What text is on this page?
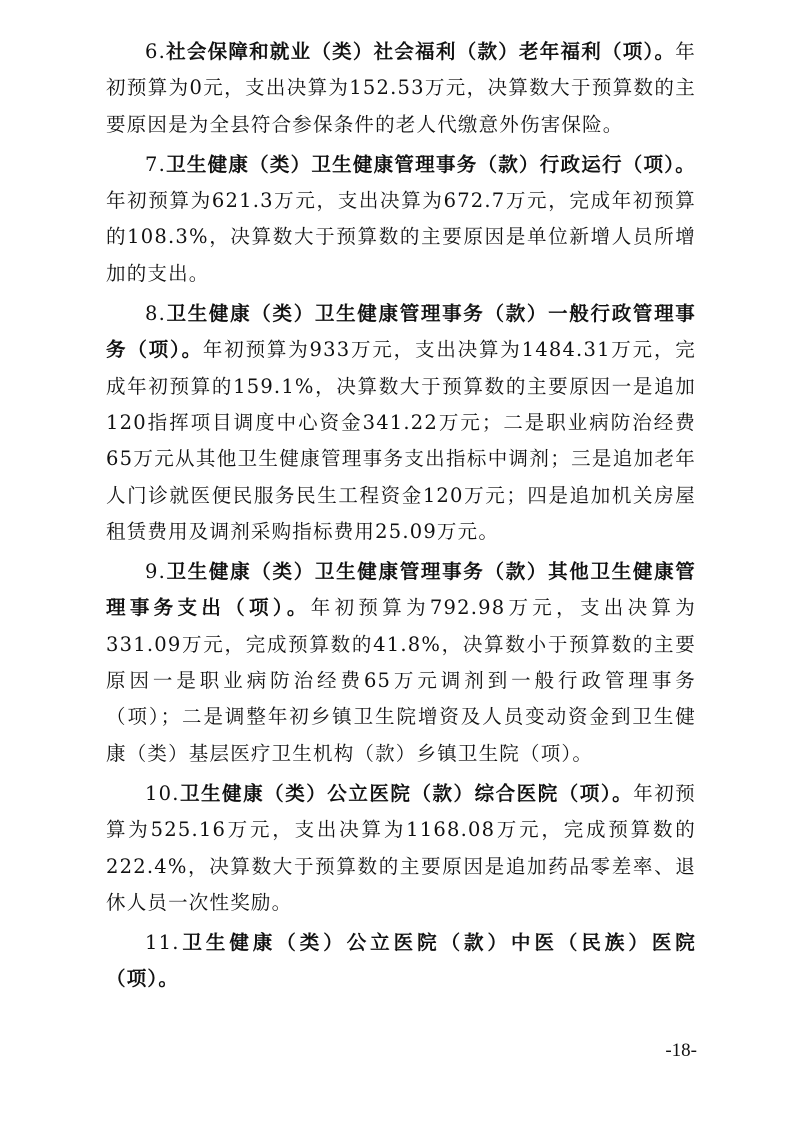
6.社会保障和就业（类）社会福利（款）老年福利（项）。年初预算为0元，支出决算为152.53万元，决算数大于预算数的主要原因是为全县符合参保条件的老人代缴意外伤害保险。

7.卫生健康（类）卫生健康管理事务（款）行政运行（项）。年初预算为621.3万元，支出决算为672.7万元，完成年初预算的108.3%，决算数大于预算数的主要原因是单位新增人员所增加的支出。

8.卫生健康（类）卫生健康管理事务（款）一般行政管理事务（项）。年初预算为933万元，支出决算为1484.31万元，完成年初预算的159.1%，决算数大于预算数的主要原因一是追加120指挥项目调度中心资金341.22万元；二是职业病防治经费65万元从其他卫生健康管理事务支出指标中调剂；三是追加老年人门诊就医便民服务民生工程资金120万元；四是追加机关房屋租赁费用及调剂采购指标费用25.09万元。

9.卫生健康（类）卫生健康管理事务（款）其他卫生健康管理事务支出（项）。年初预算为792.98万元，支出决算为331.09万元，完成预算数的41.8%，决算数小于预算数的主要原因一是职业病防治经费65万元调剂到一般行政管理事务（项）；二是调整年初乡镇卫生院增资及人员变动资金到卫生健康（类）基层医疗卫生机构（款）乡镇卫生院（项）。

10.卫生健康（类）公立医院（款）综合医院（项）。年初预算为525.16万元，支出决算为1168.08万元，完成预算数的222.4%，决算数大于预算数的主要原因是追加药品零差率、退休人员一次性奖励。

11.卫生健康（类）公立医院（款）中医（民族）医院（项）。

-18-
